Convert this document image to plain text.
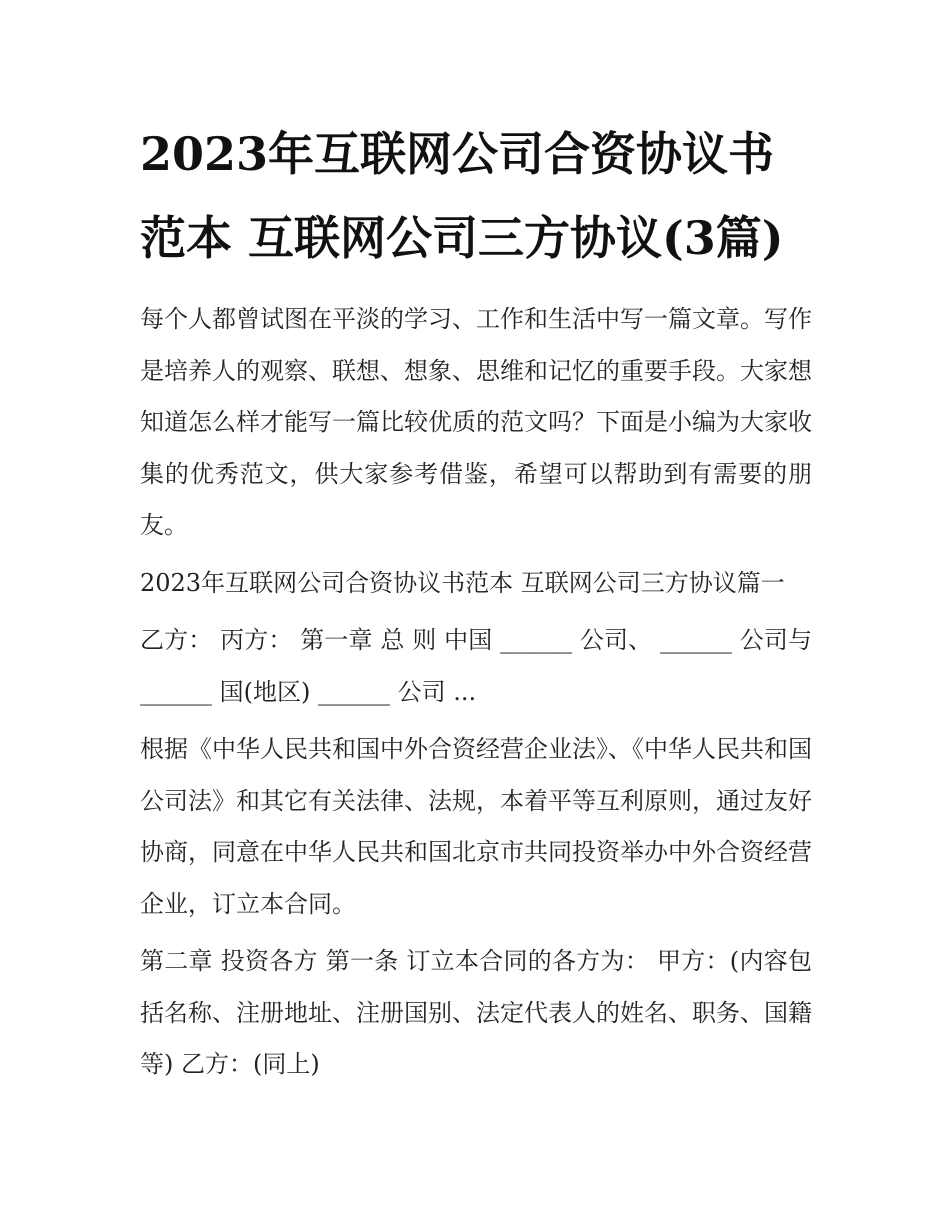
2023年互联网公司合资协议书范本 互联网公司三方协议(3篇)

每个人都曾试图在平淡的学习、工作和生活中写一篇文章。写作是培养人的观察、联想、想象、思维和记忆的重要手段。大家想知道怎么样才能写一篇比较优质的范文吗？下面是小编为大家收集的优秀范文，供大家参考借鉴，希望可以帮助到有需要的朋友。

2023年互联网公司合资协议书范本 互联网公司三方协议篇一

乙方： 丙方： 第一章 总 则 中国 ______ 公司、 ______ 公司与 ______ 国(地区) ______ 公司 ...

根据《中华人民共和国中外合资经营企业法》、《中华人民共和国公司法》和其它有关法律、法规，本着平等互利原则，通过友好协商，同意在中华人民共和国北京市共同投资举办中外合资经营企业，订立本合同。

第二章 投资各方 第一条 订立本合同的各方为： 甲方：(内容包括名称、注册地址、注册国别、法定代表人的姓名、职务、国籍等) 乙方：(同上)
